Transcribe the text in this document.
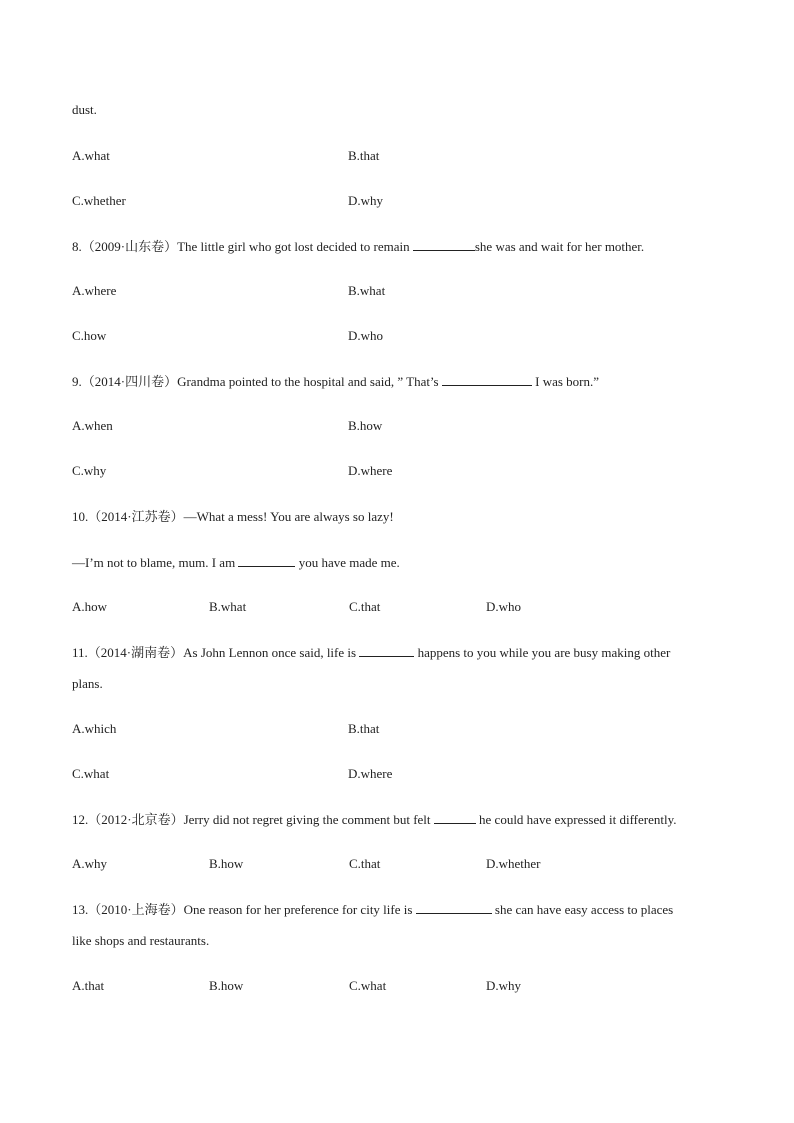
dust.
A.what	B.that
C.whether	D.why
8.（2009·山东卷）The little girl who got lost decided to remain	she was and wait for her mother.
A.where	B.what
C.how	D.who
9.（2014·四川卷）Grandma pointed to the hospital and said, ” That’s	I was born.”
A.when	B.how
C.why	D.where
10.（2014·江苏卷）—What a mess! You are always so lazy!
—I’m not to blame, mum. I am	you have made me.
A.how	B.what	C.that	D.who
11.（2014·湖南卷）As John Lennon once said, life is	happens to you while you are busy making other
plans.
A.which	B.that
C.what	D.where
12.（2012·北京卷）Jerry did not regret giving the comment but felt	he could have expressed it differently.
A.why	B.how	C.that	D.whether
13.（2010·上海卷）One reason for her preference for city life is	she can have easy access to places
like shops and restaurants.
A.that	B.how	C.what	D.why
